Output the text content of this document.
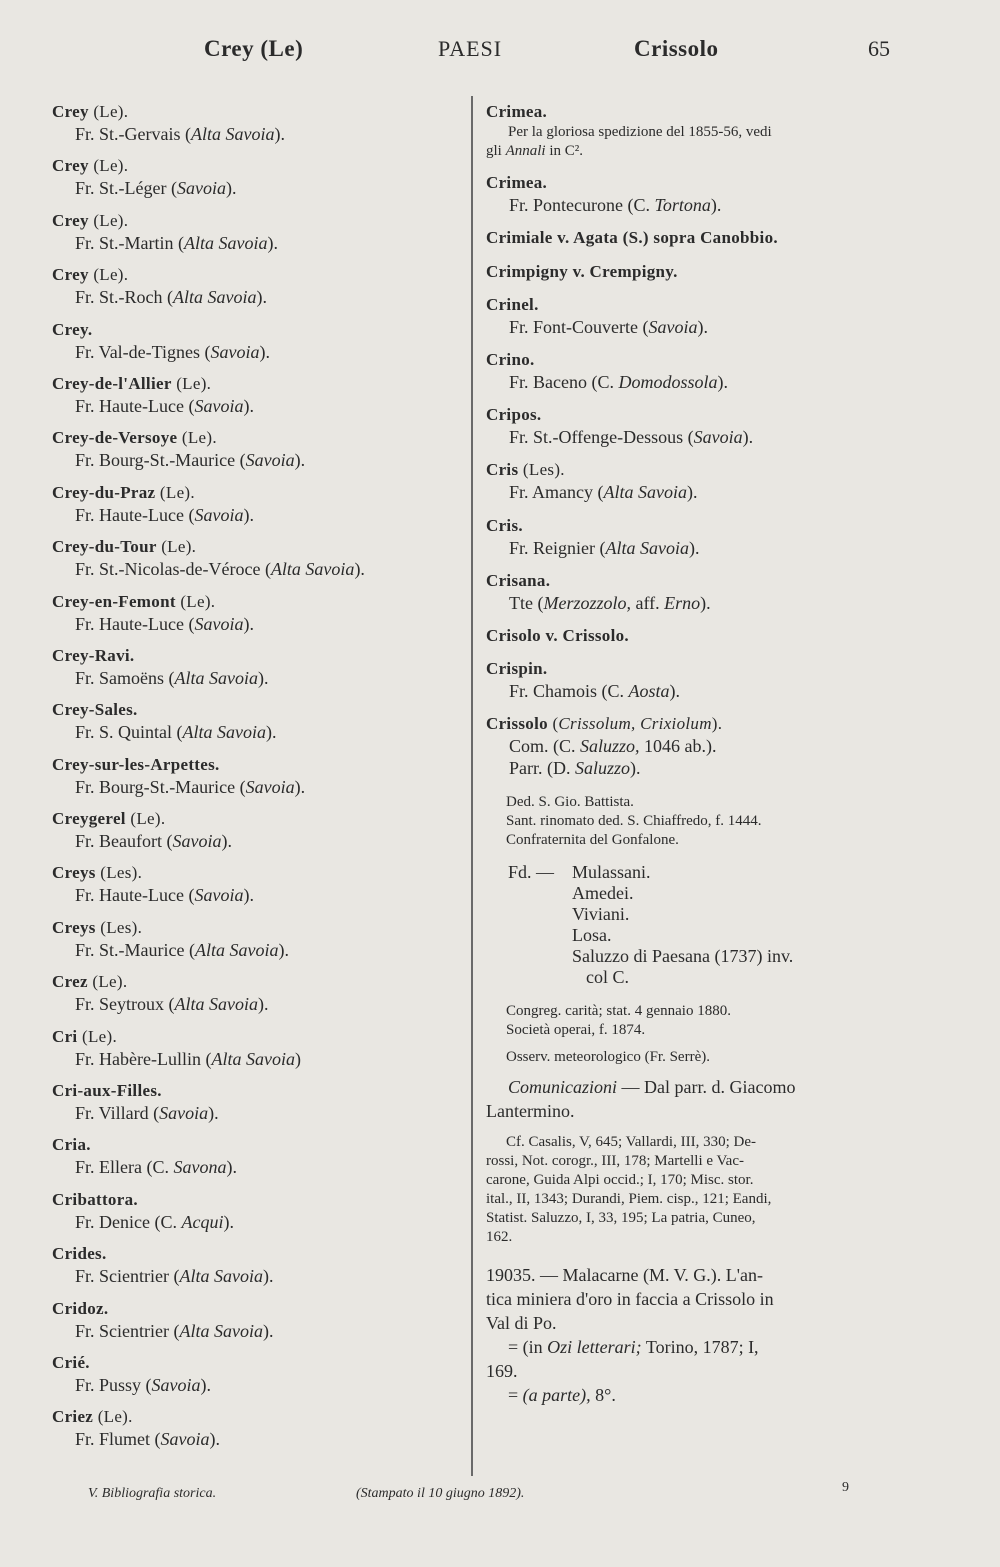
Crey (Le)	PAESI	Crissolo	65
Crey (Le).
Fr. St.-Gervais (Alta Savoia).
Crey (Le).
Fr. St.-Léger (Savoia).
Crey (Le).
Fr. St.-Martin (Alta Savoia).
Crey (Le).
Fr. St.-Roch (Alta Savoia).
Crey.
Fr. Val-de-Tignes (Savoia).
Crey-de-l'Allier (Le).
Fr. Haute-Luce (Savoia).
Crey-de-Versoye (Le).
Fr. Bourg-St.-Maurice (Savoia).
Crey-du-Praz (Le).
Fr. Haute-Luce (Savoia).
Crey-du-Tour (Le).
Fr. St.-Nicolas-de-Véroce (Alta Savoia).
Crey-en-Femont (Le).
Fr. Haute-Luce (Savoia).
Crey-Ravi.
Fr. Samoëns (Alta Savoia).
Crey-Sales.
Fr. S. Quintal (Alta Savoia).
Crey-sur-les-Arpettes.
Fr. Bourg-St.-Maurice (Savoia).
Creygerel (Le).
Fr. Beaufort (Savoia).
Creys (Les).
Fr. Haute-Luce (Savoia).
Creys (Les).
Fr. St.-Maurice (Alta Savoia).
Crez (Le).
Fr. Seytroux (Alta Savoia).
Cri (Le).
Fr. Habère-Lullin (Alta Savoia)
Cri-aux-Filles.
Fr. Villard (Savoia).
Cria.
Fr. Ellera (C. Savona).
Cribattora.
Fr. Denice (C. Acqui).
Crides.
Fr. Scientrier (Alta Savoia).
Cridoz.
Fr. Scientrier (Alta Savoia).
Crié.
Fr. Pussy (Savoia).
Criez (Le).
Fr. Flumet (Savoia).
Crimea.
Per la gloriosa spedizione del 1855-56, vedi
gli Annali in C².
Crimea.
Fr. Pontecurone (C. Tortona).
Crimiale v. Agata (S.) sopra Canobbio.
Crimpigny v. Crempigny.
Crinel.
Fr. Font-Couverte (Savoia).
Crino.
Fr. Baceno (C. Domodossola).
Cripos.
Fr. St.-Offenge-Dessous (Savoia).
Cris (Les).
Fr. Amancy (Alta Savoia).
Cris.
Fr. Reignier (Alta Savoia).
Crisana.
Tte (Merzozzolo, aff. Erno).
Crisolo v. Crissolo.
Crispin.
Fr. Chamois (C. Aosta).
Crissolo (Crissolum, Crixiolum).
Com. (C. Saluzzo, 1046 ab.).
Parr. (D. Saluzzo).
Ded. S. Gio. Battista.
Sant. rinomato ded. S. Chiaffredo, f. 1444.
Confraternita del Gonfalone.
Fd. — Mulassani.
Amedei.
Viviani.
Losa.
Saluzzo di Paesana (1737) inv.
col C.
Congreg. carità; stat. 4 gennaio 1880.
Società operai, f. 1874.
Osserv. meteorologico (Fr. Serrè).
Comunicazioni — Dal parr. d. Giacomo
Lantermino.
Cf. Casalis, V, 645; Vallardi, III, 330; De-
rossi, Not. corogr., III, 178; Martelli e Vac-
carone, Guida Alpi occid.; I, 170; Misc. stor.
ital., II, 1343; Durandi, Piem. cisp., 121; Eandi,
Statist. Saluzzo, I, 33, 195; La patria, Cuneo,
162.
19035. — Malacarne (M. V. G.). L'an-
tica miniera d'oro in faccia a Crissolo in
Val di Po.
= (in Ozi letterari; Torino, 1787; I,
169.
= (a parte), 8°.
V. Bibliografia storica.	(Stampato il 10 giugno 1892).	9
